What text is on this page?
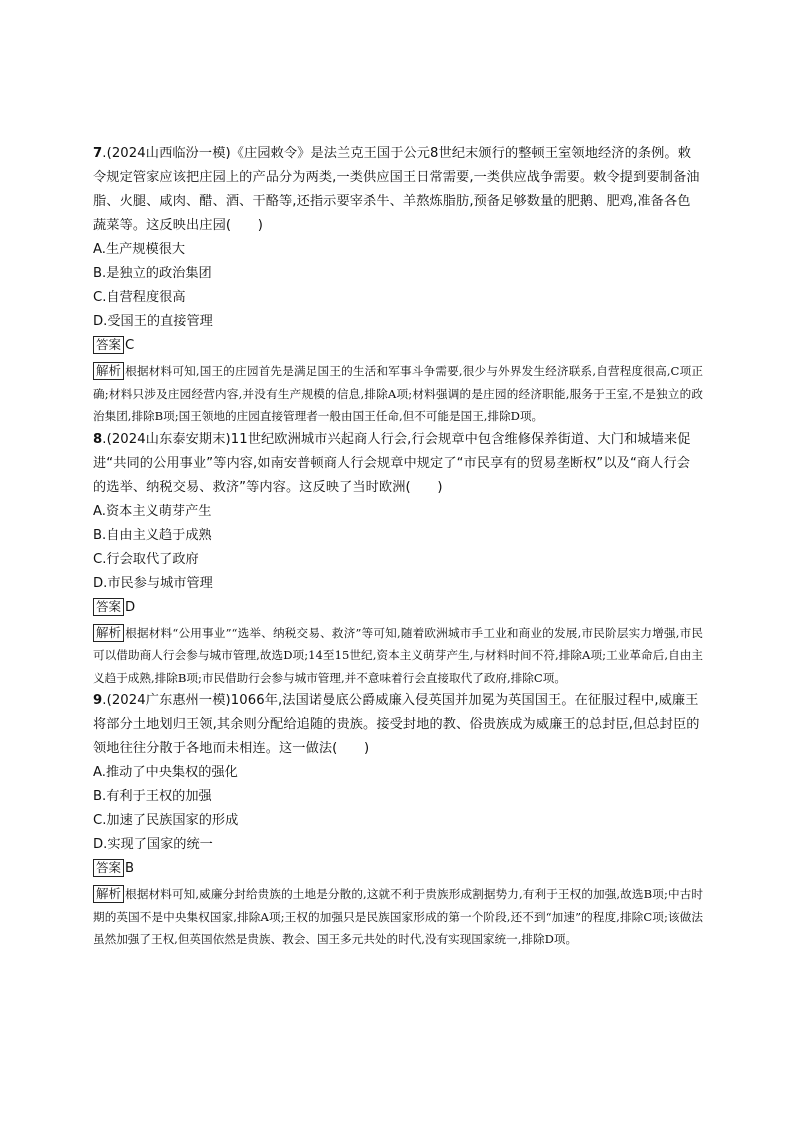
7.(2024山西临汾一模)《庄园敕令》是法兰克王国于公元8世纪末颁行的整顿王室领地经济的条例。敕令规定管家应该把庄园上的产品分为两类,一类供应国王日常需要,一类供应战争需要。敕令提到要制备油脂、火腿、咸肉、醋、酒、干酪等,还指示要宰杀牛、羊熬炼脂肪,预备足够数量的肥鹅、肥鸡,准备各色蔬菜等。这反映出庄园(　　)
A.生产规模很大
B.是独立的政治集团
C.自营程度很高
D.受国王的直接管理
答案 C
解析 根据材料可知,国王的庄园首先是满足国王的生活和军事斗争需要,很少与外界发生经济联系,自营程度很高,C项正确;材料只涉及庄园经营内容,并没有生产规模的信息,排除A项;材料强调的是庄园的经济职能,服务于王室,不是独立的政治集团,排除B项;国王领地的庄园直接管理者一般由国王任命,但不可能是国王,排除D项。
8.(2024山东泰安期末)11世纪欧洲城市兴起商人行会,行会规章中包含维修保养街道、大门和城墙来促进“共同的公用事业”等内容,如南安普顿商人行会规章中规定了“市民享有的贸易垄断权”以及“商人行会的选举、纳税交易、救济”等内容。这反映了当时欧洲(　　)
A.资本主义萌芽产生
B.自由主义趋于成熟
C.行会取代了政府
D.市民参与城市管理
答案 D
解析 根据材料“公用事业”“选举、纳税交易、救济”等可知,随着欧洲城市手工业和商业的发展,市民阶层实力增强,市民可以借助商人行会参与城市管理,故选D项;14至15世纪,资本主义萌芽产生,与材料时间不符,排除A项;工业革命后,自由主义趋于成熟,排除B项;市民借助行会参与城市管理,并不意味着行会直接取代了政府,排除C项。
9.(2024广东惠州一模)1066年,法国诺曼底公爵威廉入侵英国并加冕为英国国王。在征服过程中,威廉王将部分土地划归王领,其余则分配给追随的贵族。接受封地的教、俗贵族成为威廉王的总封臣,但总封臣的领地往往分散于各地而未相连。这一做法(　　)
A.推动了中央集权的强化
B.有利于王权的加强
C.加速了民族国家的形成
D.实现了国家的统一
答案 B
解析 根据材料可知,威廉分封给贵族的土地是分散的,这就不利于贵族形成割据势力,有利于王权的加强,故选B项;中古时期的英国不是中央集权国家,排除A项;王权的加强只是民族国家形成的第一个阶段,还不到“加速”的程度,排除C项;该做法虽然加强了王权,但英国依然是贵族、教会、国王多元共处的时代,没有实现国家统一,排除D项。
